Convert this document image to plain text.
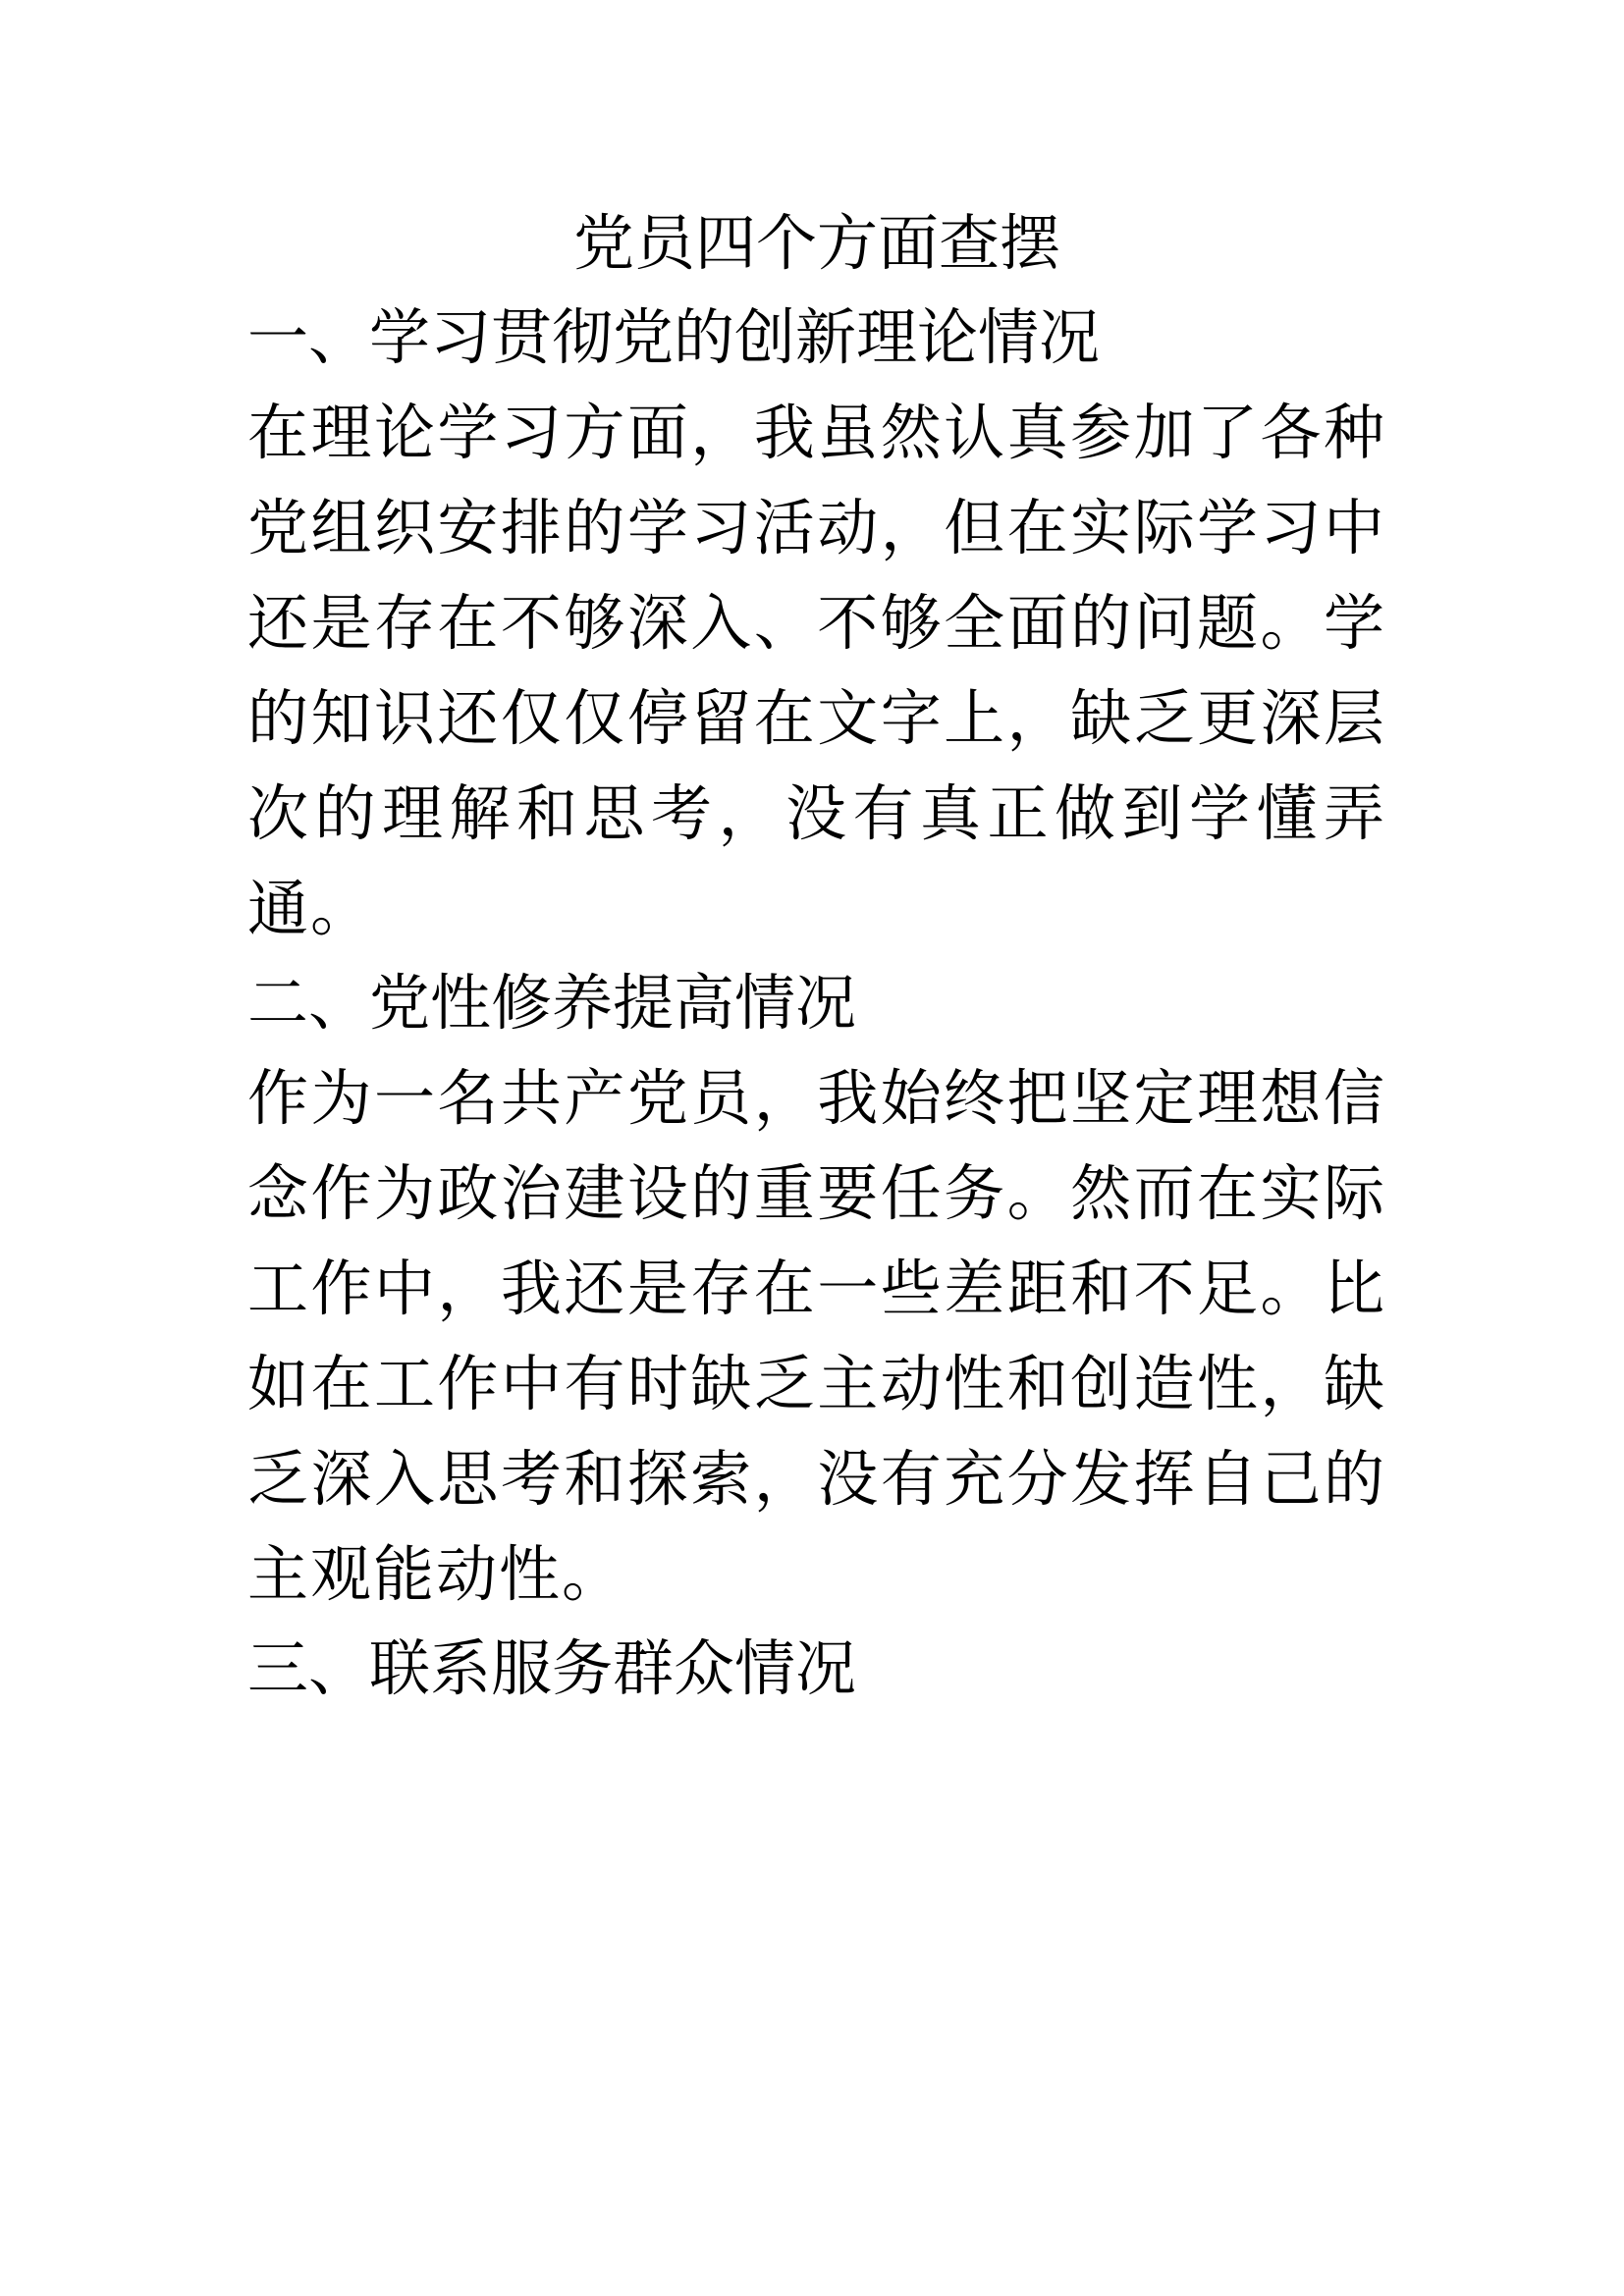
党员四个方面查摆
一、学习贯彻党的创新理论情况

在理论学习方面，我虽然认真参加了各种党组织安排的学习活动，但在实际学习中还是存在不够深入、不够全面的问题。学的知识还仅仅停留在文字上，缺乏更深层次的理解和思考，没有真正做到学懂弄通。

二、党性修养提高情况

作为一名共产党员，我始终把坚定理想信念作为政治建设的重要任务。然而在实际工作中，我还是存在一些差距和不足。比如在工作中有时缺乏主动性和创造性，缺乏深入思考和探索，没有充分发挥自己的主观能动性。

三、联系服务群众情况
